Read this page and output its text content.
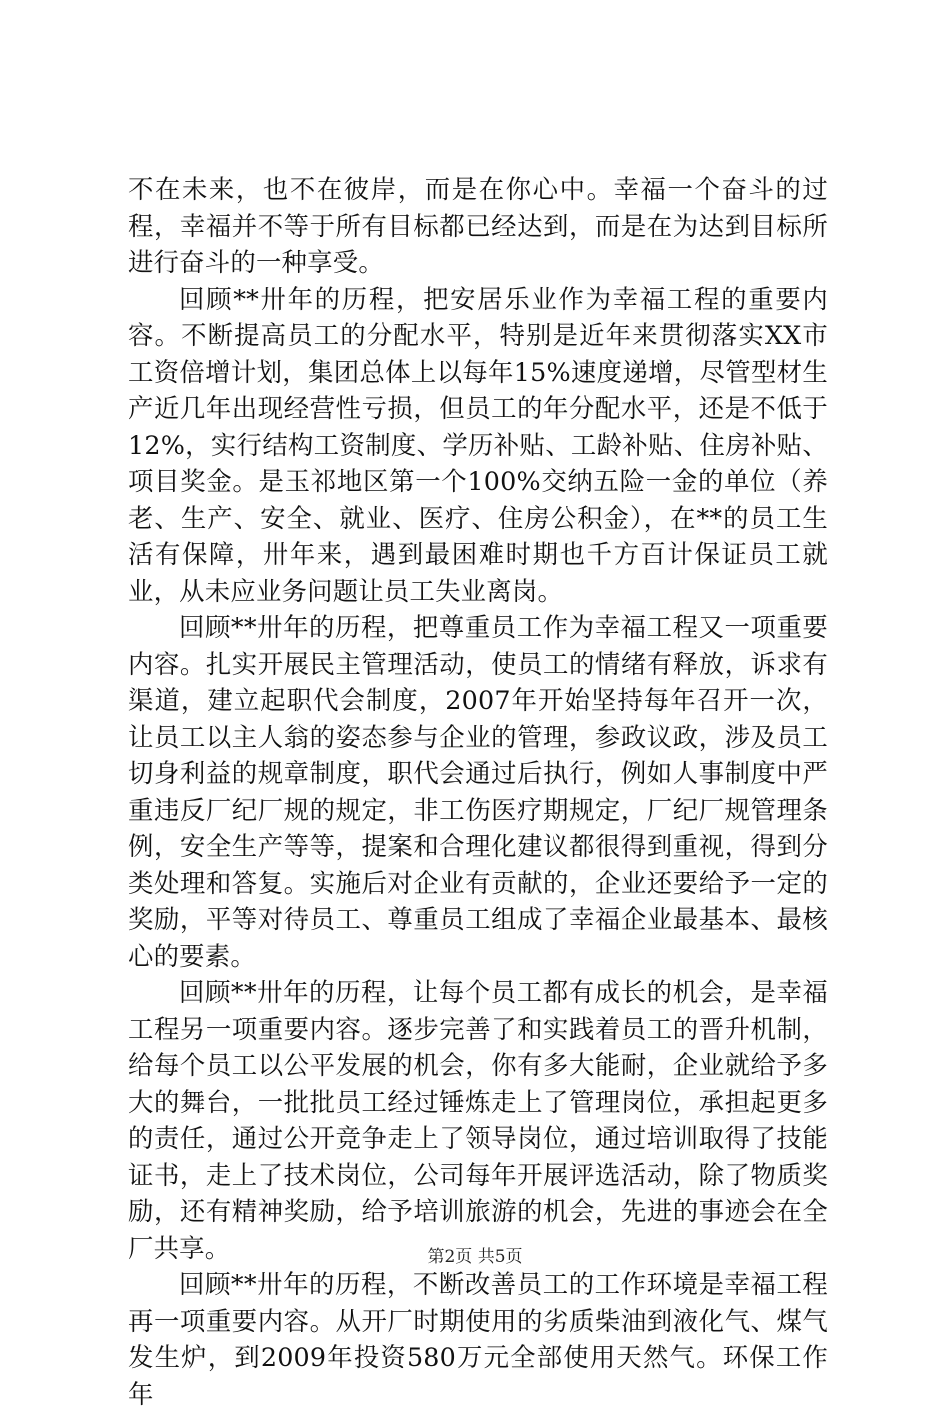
不在未来，也不在彼岸，而是在你心中。幸福一个奋斗的过程，幸福并不等于所有目标都已经达到，而是在为达到目标所进行奋斗的一种享受。

回顾**卅年的历程，把安居乐业作为幸福工程的重要内容。不断提高员工的分配水平，特别是近年来贯彻落实XX市工资倍增计划，集团总体上以每年15%速度递增，尽管型材生产近几年出现经营性亏损，但员工的年分配水平，还是不低于12%，实行结构工资制度、学历补贴、工龄补贴、住房补贴、项目奖金。是玉祁地区第一个100%交纳五险一金的单位（养老、生产、安全、就业、医疗、住房公积金），在**的员工生活有保障，卅年来，遇到最困难时期也千方百计保证员工就业，从未应业务问题让员工失业离岗。

回顾**卅年的历程，把尊重员工作为幸福工程又一项重要内容。扎实开展民主管理活动，使员工的情绪有释放，诉求有渠道，建立起职代会制度，2007年开始坚持每年召开一次，让员工以主人翁的姿态参与企业的管理，参政议政，涉及员工切身利益的规章制度，职代会通过后执行，例如人事制度中严重违反厂纪厂规的规定，非工伤医疗期规定，厂纪厂规管理条例，安全生产等等，提案和合理化建议都很得到重视，得到分类处理和答复。实施后对企业有贡献的，企业还要给予一定的奖励，平等对待员工、尊重员工组成了幸福企业最基本、最核心的要素。

回顾**卅年的历程，让每个员工都有成长的机会，是幸福工程另一项重要内容。逐步完善了和实践着员工的晋升机制，给每个员工以公平发展的机会，你有多大能耐，企业就给予多大的舞台，一批批员工经过锤炼走上了管理岗位，承担起更多的责任，通过公开竞争走上了领导岗位，通过培训取得了技能证书，走上了技术岗位，公司每年开展评选活动，除了物质奖励，还有精神奖励，给予培训旅游的机会，先进的事迹会在全厂共享。

回顾**卅年的历程，不断改善员工的工作环境是幸福工程再一项重要内容。从开厂时期使用的劣质柴油到液化气、煤气发生炉，到2009年投资580万元全部使用天然气。环保工作年

第2页 共5页
